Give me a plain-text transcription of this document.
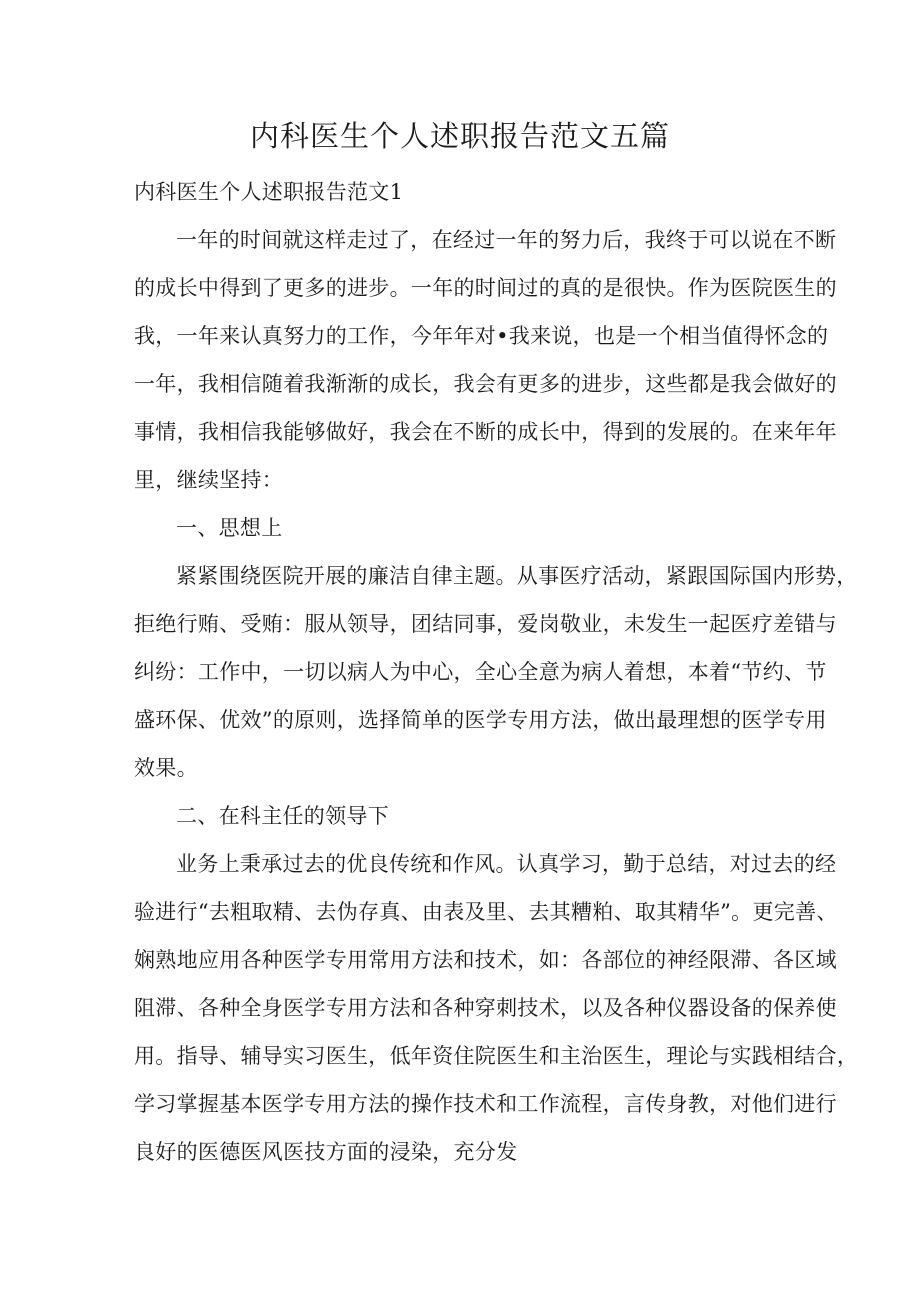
内科医生个人述职报告范文五篇

内科医生个人述职报告范文1

一年的时间就这样走过了，在经过一年的努力后，我终于可以说在不断

的成长中得到了更多的进步。一年的时间过的真的是很快。作为医院医生的

我，一年来认真努力的工作，今年年对•我来说，也是一个相当值得怀念的

一年，我相信随着我渐渐的成长，我会有更多的进步，这些都是我会做好的

事情，我相信我能够做好，我会在不断的成长中，得到的发展的。在来年年

里，继续坚持：

一、思想上

紧紧围绕医院开展的廉洁自律主题。从事医疗活动，紧跟国际国内形势，

拒绝行贿、受贿：服从领导，团结同事，爱岗敬业，未发生一起医疗差错与

纠纷：工作中，一切以病人为中心，全心全意为病人着想，本着“节约、节

盛环保、优效”的原则，选择简单的医学专用方法，做出最理想的医学专用

效果。

二、在科主任的领导下

业务上秉承过去的优良传统和作风。认真学习，勤于总结，对过去的经

验进行“去粗取精、去伪存真、由表及里、去其糟粕、取其精华”。更完善、

娴熟地应用各种医学专用常用方法和技术，如：各部位的神经限滞、各区域

阻滞、各种全身医学专用方法和各种穿刺技术，以及各种仪器设备的保养使

用。指导、辅导实习医生，低年资住院医生和主治医生，理论与实践相结合，

学习掌握基本医学专用方法的操作技术和工作流程，言传身教，对他们进行

良好的医德医风医技方面的浸染，充分发
